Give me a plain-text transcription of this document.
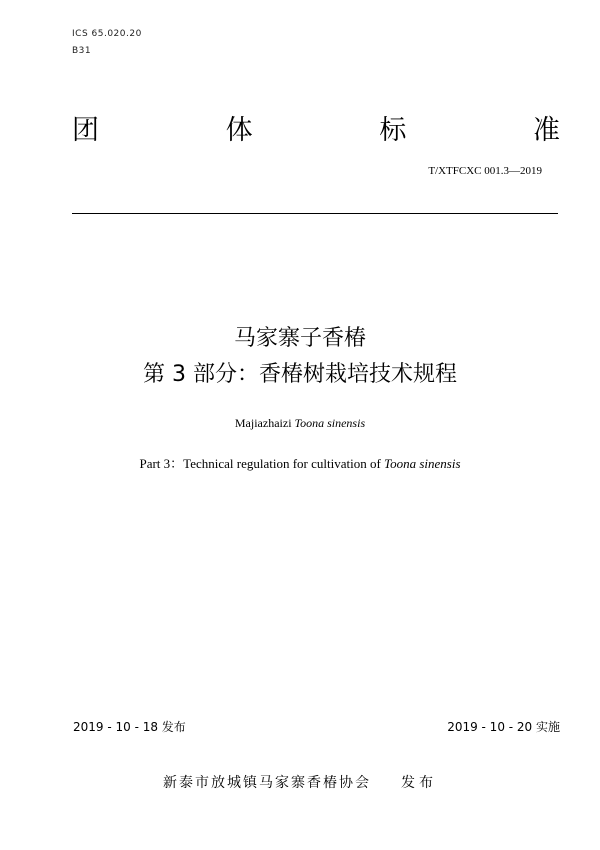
ICS 65.020.20
B31
团	体	标	准
T/XTFCXC 001.3—2019
马家寨子香椿
第 3 部分：香椿树栽培技术规程
Majiazhaizi Toona sinensis
Part 3：Technical regulation for cultivation of Toona sinensis
2019 - 10 - 18 发布	2019 - 10 - 20 实施
新泰市放城镇马家寨香椿协会 发布
